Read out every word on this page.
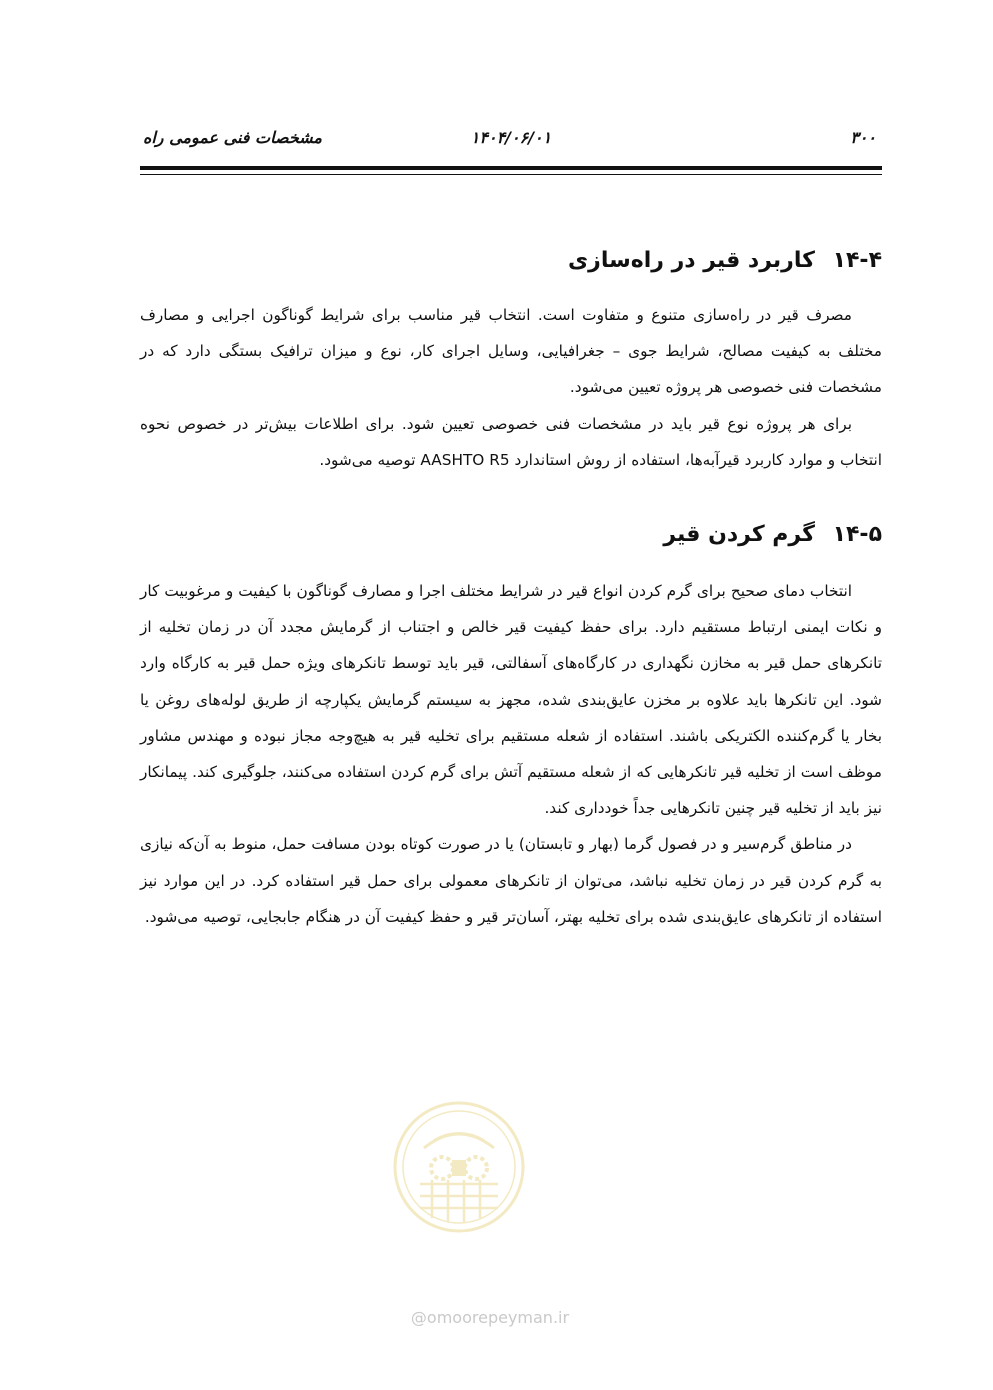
۳۰۰
۱۴۰۴/۰۶/۰۱
مشخصات فنی عمومی راه
۱۴-۴ کاربرد قیر در راه‌سازی

مصرف قیر در راه‌سازی متنوع و متفاوت است. انتخاب قیر مناسب برای شرایط گوناگون اجرایی و مصارف مختلف به کیفیت مصالح، شرایط جوی – جغرافیایی، وسایل اجرای کار، نوع و میزان ترافیک بستگی دارد که در مشخصات فنی خصوصی هر پروژه تعیین می‌شود.

برای هر پروژه نوع قیر باید در مشخصات فنی خصوصی تعیین شود. برای اطلاعات بیش‌تر در خصوص نحوه انتخاب و موارد کاربرد قیرآبه‌ها، استفاده از روش استاندارد AASHTO R5 توصیه می‌شود.

۱۴-۵ گرم کردن قیر

انتخاب دمای صحیح برای گرم کردن انواع قیر در شرایط مختلف اجرا و مصارف گوناگون با کیفیت و مرغوبیت کار و نکات ایمنی ارتباط مستقیم دارد. برای حفظ کیفیت قیر خالص و اجتناب از گرمایش مجدد آن در زمان تخلیه از تانکرهای حمل قیر به مخازن نگهداری در کارگاه‌های آسفالتی، قیر باید توسط تانکرهای ویژه حمل قیر به کارگاه وارد شود. این تانکرها باید علاوه بر مخزن عایق‌بندی شده، مجهز به سیستم گرمایش یکپارچه از طریق لوله‌های روغن یا بخار یا گرم‌کننده الکتریکی باشند. استفاده از شعله مستقیم برای تخلیه قیر به هیچ‌وجه مجاز نبوده و مهندس مشاور موظف است از تخلیه قیر تانکرهایی که از شعله مستقیم آتش برای گرم کردن استفاده می‌کنند، جلوگیری کند. پیمانکار نیز باید از تخلیه قیر چنین تانکرهایی جداً خودداری کند.

در مناطق گرم‌سیر و در فصول گرما (بهار و تابستان) یا در صورت کوتاه بودن مسافت حمل، منوط به آن‌که نیازی به گرم کردن قیر در زمان تخلیه نباشد، می‌توان از تانکرهای معمولی برای حمل قیر استفاده کرد. در این موارد نیز استفاده از تانکرهای عایق‌بندی شده برای تخلیه بهتر، آسان‌تر قیر و حفظ کیفیت آن در هنگام جابجایی، توصیه می‌شود.

@omoorepeyman.ir
